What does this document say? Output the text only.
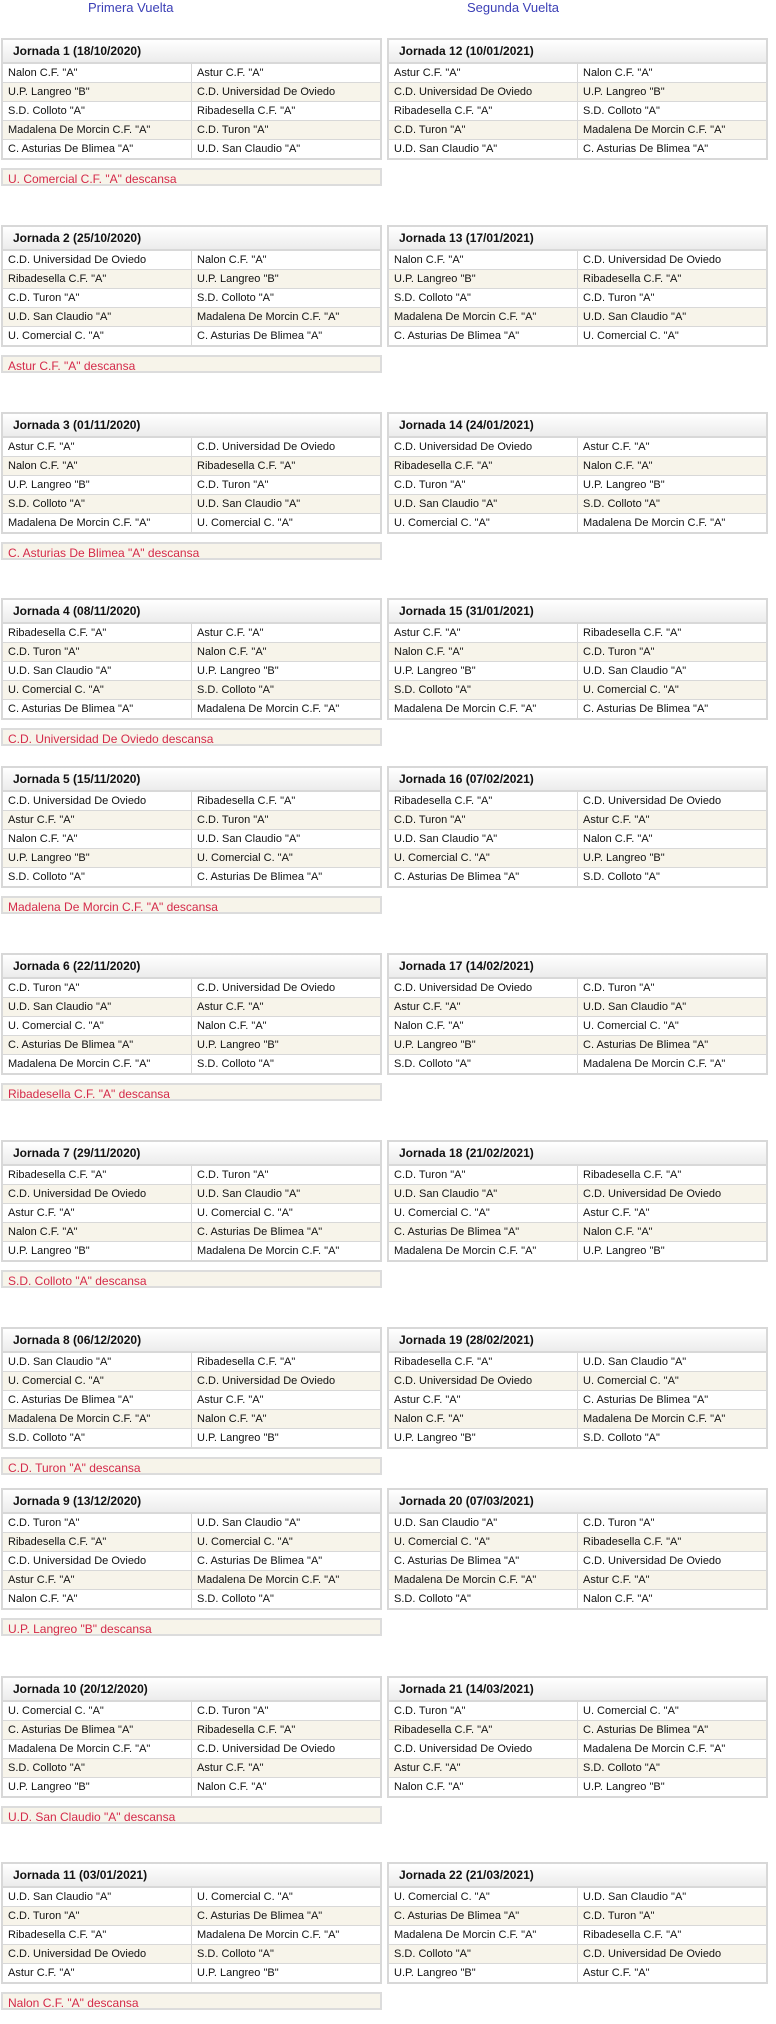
Primera Vuelta	Segunda Vuelta
Jornada 1 (18/10/2020)	
Nalon C.F. "A"	Astur C.F. "A"
U.P. Langreo "B"	C.D. Universidad De Oviedo
S.D. Colloto "A"	Ribadesella C.F. "A"
Madalena De Morcin C.F. "A"	C.D. Turon "A"
C. Asturias De Blimea "A"	U.D. San Claudio "A"
U. Comercial C.F. "A" descansa
Jornada 2 (25/10/2020)	
C.D. Universidad De Oviedo	Nalon C.F. "A"
Ribadesella C.F. "A"	U.P. Langreo "B"
C.D. Turon "A"	S.D. Colloto "A"
U.D. San Claudio "A"	Madalena De Morcin C.F. "A"
U. Comercial C. "A"	C. Asturias De Blimea "A"
Astur C.F. "A" descansa
Jornada 3 (01/11/2020)	
Astur C.F. "A"	C.D. Universidad De Oviedo
Nalon C.F. "A"	Ribadesella C.F. "A"
U.P. Langreo "B"	C.D. Turon "A"
S.D. Colloto "A"	U.D. San Claudio "A"
Madalena De Morcin C.F. "A"	U. Comercial C. "A"
C. Asturias De Blimea "A" descansa
Jornada 4 (08/11/2020)	
Ribadesella C.F. "A"	Astur C.F. "A"
C.D. Turon "A"	Nalon C.F. "A"
U.D. San Claudio "A"	U.P. Langreo "B"
U. Comercial C. "A"	S.D. Colloto "A"
C. Asturias De Blimea "A"	Madalena De Morcin C.F. "A"
C.D. Universidad De Oviedo descansa
Jornada 5 (15/11/2020)	
C.D. Universidad De Oviedo	Ribadesella C.F. "A"
Astur C.F. "A"	C.D. Turon "A"
Nalon C.F. "A"	U.D. San Claudio "A"
U.P. Langreo "B"	U. Comercial C. "A"
S.D. Colloto "A"	C. Asturias De Blimea "A"
Madalena De Morcin C.F. "A" descansa
Jornada 6 (22/11/2020)	
C.D. Turon "A"	C.D. Universidad De Oviedo
U.D. San Claudio "A"	Astur C.F. "A"
U. Comercial C. "A"	Nalon C.F. "A"
C. Asturias De Blimea "A"	U.P. Langreo "B"
Madalena De Morcin C.F. "A"	S.D. Colloto "A"
Ribadesella C.F. "A" descansa
Jornada 7 (29/11/2020)	
Ribadesella C.F. "A"	C.D. Turon "A"
C.D. Universidad De Oviedo	U.D. San Claudio "A"
Astur C.F. "A"	U. Comercial C. "A"
Nalon C.F. "A"	C. Asturias De Blimea "A"
U.P. Langreo "B"	Madalena De Morcin C.F. "A"
S.D. Colloto "A" descansa
Jornada 8 (06/12/2020)	
U.D. San Claudio "A"	Ribadesella C.F. "A"
U. Comercial C. "A"	C.D. Universidad De Oviedo
C. Asturias De Blimea "A"	Astur C.F. "A"
Madalena De Morcin C.F. "A"	Nalon C.F. "A"
S.D. Colloto "A"	U.P. Langreo "B"
C.D. Turon "A" descansa
Jornada 9 (13/12/2020)	
C.D. Turon "A"	U.D. San Claudio "A"
Ribadesella C.F. "A"	U. Comercial C. "A"
C.D. Universidad De Oviedo	C. Asturias De Blimea "A"
Astur C.F. "A"	Madalena De Morcin C.F. "A"
Nalon C.F. "A"	S.D. Colloto "A"
U.P. Langreo "B" descansa
Jornada 10 (20/12/2020)	
U. Comercial C. "A"	C.D. Turon "A"
C. Asturias De Blimea "A"	Ribadesella C.F. "A"
Madalena De Morcin C.F. "A"	C.D. Universidad De Oviedo
S.D. Colloto "A"	Astur C.F. "A"
U.P. Langreo "B"	Nalon C.F. "A"
U.D. San Claudio "A" descansa
Jornada 11 (03/01/2021)	
U.D. San Claudio "A"	U. Comercial C. "A"
C.D. Turon "A"	C. Asturias De Blimea "A"
Ribadesella C.F. "A"	Madalena De Morcin C.F. "A"
C.D. Universidad De Oviedo	S.D. Colloto "A"
Astur C.F. "A"	U.P. Langreo "B"
Nalon C.F. "A" descansa
Jornada 12 (10/01/2021)	
Astur C.F. "A"	Nalon C.F. "A"
C.D. Universidad De Oviedo	U.P. Langreo "B"
Ribadesella C.F. "A"	S.D. Colloto "A"
C.D. Turon "A"	Madalena De Morcin C.F. "A"
U.D. San Claudio "A"	C. Asturias De Blimea "A"
Jornada 13 (17/01/2021)	
Nalon C.F. "A"	C.D. Universidad De Oviedo
U.P. Langreo "B"	Ribadesella C.F. "A"
S.D. Colloto "A"	C.D. Turon "A"
Madalena De Morcin C.F. "A"	U.D. San Claudio "A"
C. Asturias De Blimea "A"	U. Comercial C. "A"
Jornada 14 (24/01/2021)	
C.D. Universidad De Oviedo	Astur C.F. "A"
Ribadesella C.F. "A"	Nalon C.F. "A"
C.D. Turon "A"	U.P. Langreo "B"
U.D. San Claudio "A"	S.D. Colloto "A"
U. Comercial C. "A"	Madalena De Morcin C.F. "A"
Jornada 15 (31/01/2021)	
Astur C.F. "A"	Ribadesella C.F. "A"
Nalon C.F. "A"	C.D. Turon "A"
U.P. Langreo "B"	U.D. San Claudio "A"
S.D. Colloto "A"	U. Comercial C. "A"
Madalena De Morcin C.F. "A"	C. Asturias De Blimea "A"
Jornada 16 (07/02/2021)	
Ribadesella C.F. "A"	C.D. Universidad De Oviedo
C.D. Turon "A"	Astur C.F. "A"
U.D. San Claudio "A"	Nalon C.F. "A"
U. Comercial C. "A"	U.P. Langreo "B"
C. Asturias De Blimea "A"	S.D. Colloto "A"
Jornada 17 (14/02/2021)	
C.D. Universidad De Oviedo	C.D. Turon "A"
Astur C.F. "A"	U.D. San Claudio "A"
Nalon C.F. "A"	U. Comercial C. "A"
U.P. Langreo "B"	C. Asturias De Blimea "A"
S.D. Colloto "A"	Madalena De Morcin C.F. "A"
Jornada 18 (21/02/2021)	
C.D. Turon "A"	Ribadesella C.F. "A"
U.D. San Claudio "A"	C.D. Universidad De Oviedo
U. Comercial C. "A"	Astur C.F. "A"
C. Asturias De Blimea "A"	Nalon C.F. "A"
Madalena De Morcin C.F. "A"	U.P. Langreo "B"
Jornada 19 (28/02/2021)	
Ribadesella C.F. "A"	U.D. San Claudio "A"
C.D. Universidad De Oviedo	U. Comercial C. "A"
Astur C.F. "A"	C. Asturias De Blimea "A"
Nalon C.F. "A"	Madalena De Morcin C.F. "A"
U.P. Langreo "B"	S.D. Colloto "A"
Jornada 20 (07/03/2021)	
U.D. San Claudio "A"	C.D. Turon "A"
U. Comercial C. "A"	Ribadesella C.F. "A"
C. Asturias De Blimea "A"	C.D. Universidad De Oviedo
Madalena De Morcin C.F. "A"	Astur C.F. "A"
S.D. Colloto "A"	Nalon C.F. "A"
Jornada 21 (14/03/2021)	
C.D. Turon "A"	U. Comercial C. "A"
Ribadesella C.F. "A"	C. Asturias De Blimea "A"
C.D. Universidad De Oviedo	Madalena De Morcin C.F. "A"
Astur C.F. "A"	S.D. Colloto "A"
Nalon C.F. "A"	U.P. Langreo "B"
Jornada 22 (21/03/2021)	
U. Comercial C. "A"	U.D. San Claudio "A"
C. Asturias De Blimea "A"	C.D. Turon "A"
Madalena De Morcin C.F. "A"	Ribadesella C.F. "A"
S.D. Colloto "A"	C.D. Universidad De Oviedo
U.P. Langreo "B"	Astur C.F. "A"
